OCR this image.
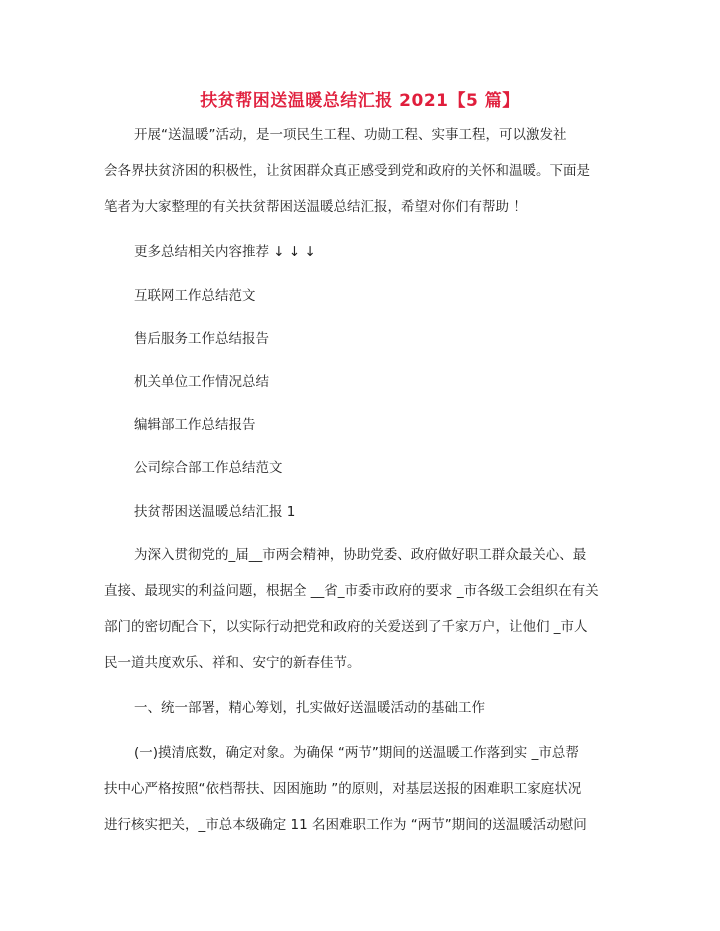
扶贫帮困送温暖总结汇报 2021【5 篇】
开展“送温暖”活动，是一项民生工程、功勋工程、实事工程，可以激发社
会各界扶贫济困的积极性，让贫困群众真正感受到党和政府的关怀和温暖。下面是
笔者为大家整理的有关扶贫帮困送温暖总结汇报，希望对你们有帮助 ！
更多总结相关内容推荐 ↓ ↓ ↓
互联网工作总结范文
售后服务工作总结报告
机关单位工作情况总结
编辑部工作总结报告
公司综合部工作总结范文
扶贫帮困送温暖总结汇报 1
为深入贯彻党的_届__市两会精神，协助党委、政府做好职工群众最关心、最
直接、最现实的利益问题，根据全 __省_市委市政府的要求 _市各级工会组织在有关
部门的密切配合下，以实际行动把党和政府的关爱送到了千家万户，让他们 _市人
民一道共度欢乐、祥和、安宁的新春佳节。
一、统一部署，精心筹划，扎实做好送温暖活动的基础工作
(一)摸清底数，确定对象。为确保 “两节”期间的送温暖工作落到实 _市总帮
扶中心严格按照“依档帮扶、因困施助 ”的原则，对基层送报的困难职工家庭状况
进行核实把关，_市总本级确定 11 名困难职工作为 “两节”期间的送温暖活动慰问
